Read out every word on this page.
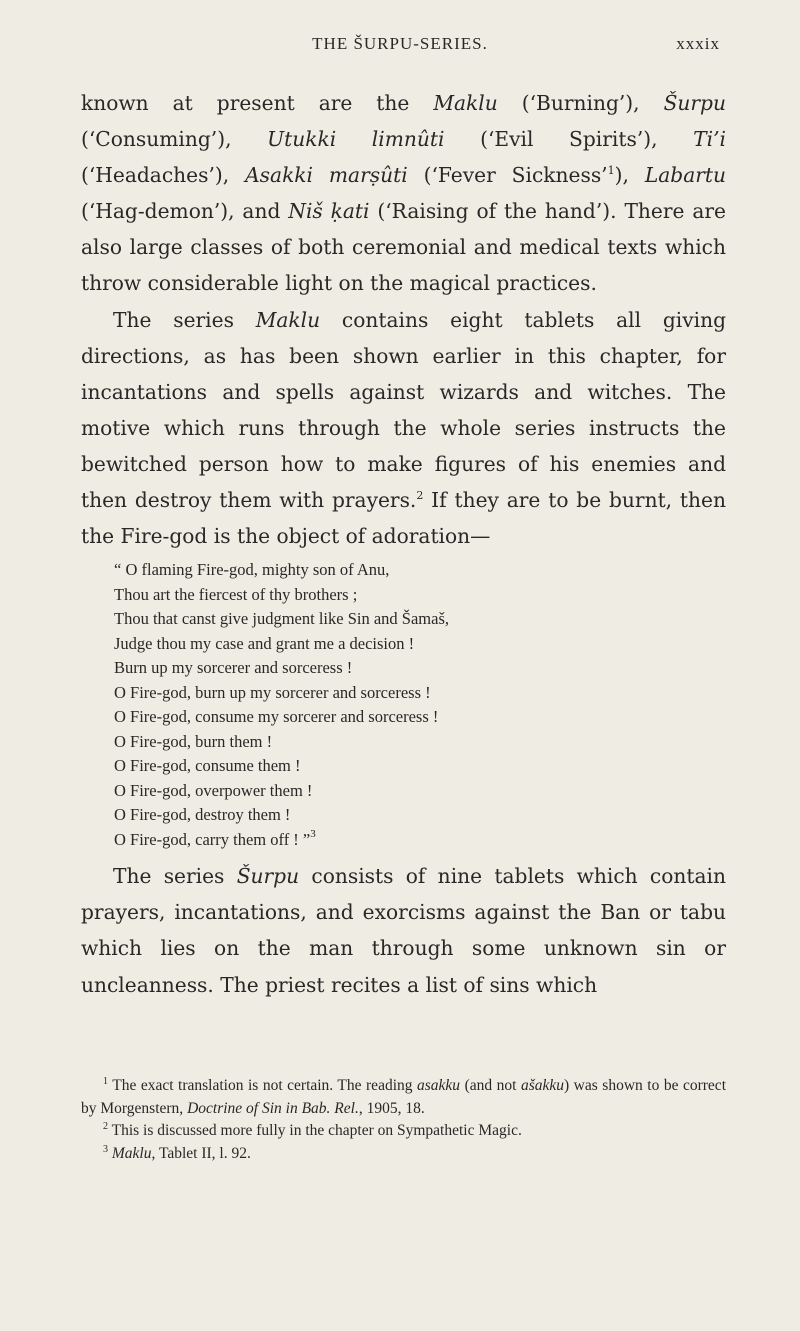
THE ŠURPU-SERIES.	xxxix

known at present are the Maklu (‘Burning’), Šurpu (‘Consuming’), Utukki limnûti (‘Evil Spirits’), Ti’i (‘Headaches’), Asakki marṣûti (‘Fever Sickness’$^1$), Labartu (‘Hag-demon’), and Niš ḳati (‘Raising of the hand’). There are also large classes of both ceremonial and medical texts which throw considerable light on the magical practices.

The series Maklu contains eight tablets all giving directions, as has been shown earlier in this chapter, for incantations and spells against wizards and witches. The motive which runs through the whole series instructs the bewitched person how to make figures of his enemies and then destroy them with prayers.$^2$ If they are to be burnt, then the Fire-god is the object of adoration—

“ O flaming Fire-god, mighty son of Anu,
Thou art the fiercest of thy brothers ;
Thou that canst give judgment like Sin and Šamaš,
Judge thou my case and grant me a decision !
Burn up my sorcerer and sorceress !
O Fire-god, burn up my sorcerer and sorceress !
O Fire-god, consume my sorcerer and sorceress !
O Fire-god, burn them !
O Fire-god, consume them !
O Fire-god, overpower them !
O Fire-god, destroy them !
O Fire-god, carry them off ! ”$^3$

The series Šurpu consists of nine tablets which contain prayers, incantations, and exorcisms against the Ban or tabu which lies on the man through some unknown sin or uncleanness. The priest recites a list of sins which

$^1$ The exact translation is not certain. The reading asakku (and not ašakku) was shown to be correct by Morgenstern, Doctrine of Sin in Bab. Rel., 1905, 18.

$^2$ This is discussed more fully in the chapter on Sympathetic Magic.

$^3$ Maklu, Tablet II, l. 92.
